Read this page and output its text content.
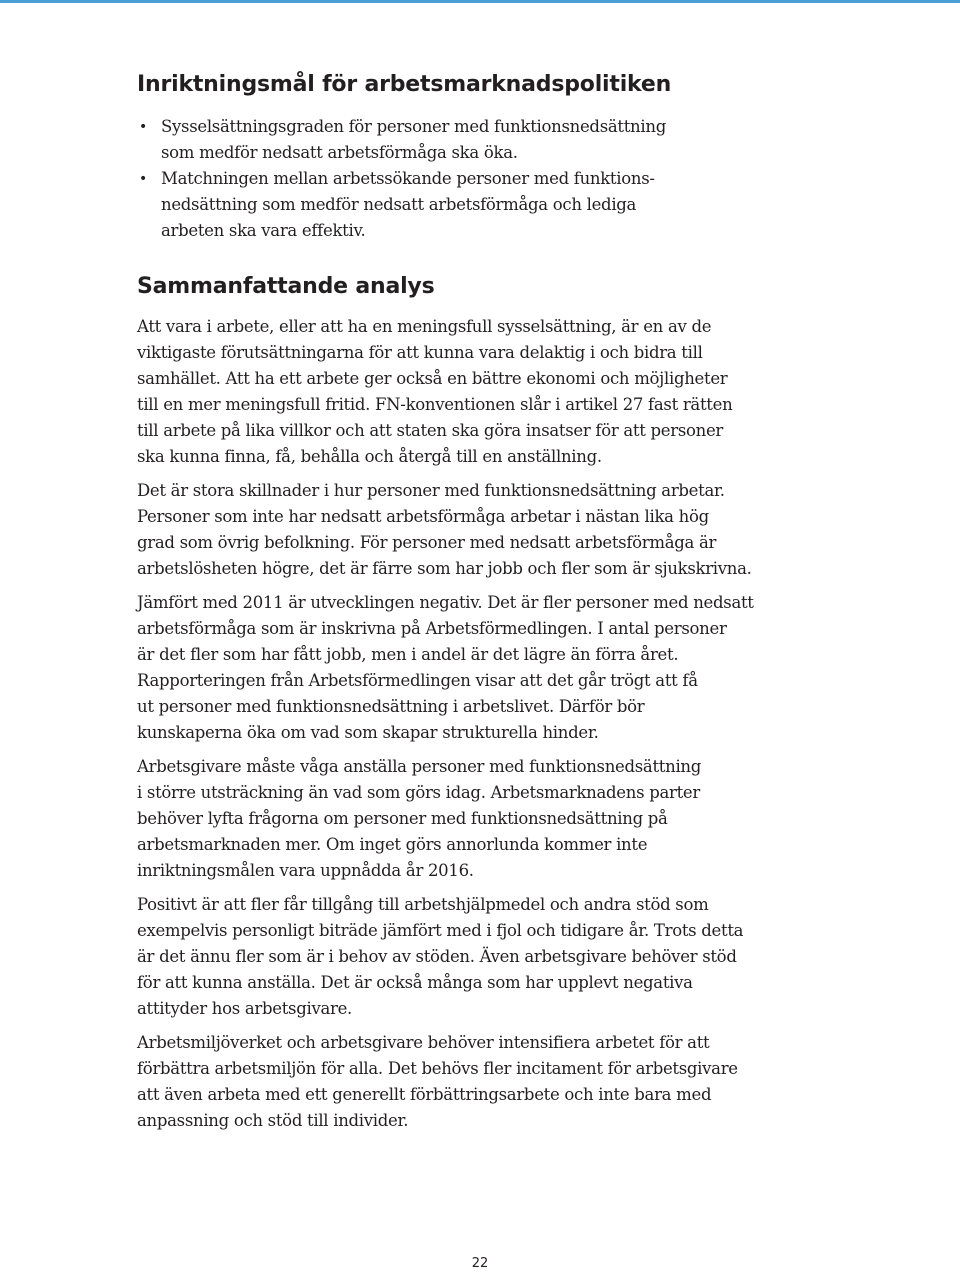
Inriktningsmål för arbetsmarknadspolitiken
• Sysselsättningsgraden för personer med funktionsnedsättning
som medför nedsatt arbetsförmåga ska öka.
• Matchningen mellan arbetssökande personer med funktions-
nedsättning som medför nedsatt arbetsförmåga och lediga
arbeten ska vara effektiv.
Sammanfattande analys

Att vara i arbete, eller att ha en meningsfull sysselsättning, är en av de
viktigaste förutsättningarna för att kunna vara delaktig i och bidra till
samhället. Att ha ett arbete ger också en bättre ekonomi och möjligheter
till en mer meningsfull fritid. FN-konventionen slår i artikel 27 fast rätten
till arbete på lika villkor och att staten ska göra insatser för att personer
ska kunna finna, få, behålla och återgå till en anställning.

Det är stora skillnader i hur personer med funktionsnedsättning arbetar.
Personer som inte har nedsatt arbetsförmåga arbetar i nästan lika hög
grad som övrig befolkning. För personer med nedsatt arbetsförmåga är
arbetslösheten högre, det är färre som har jobb och fler som är sjukskrivna.

Jämfört med 2011 är utvecklingen negativ. Det är fler personer med nedsatt
arbetsförmåga som är inskrivna på Arbetsförmedlingen. I antal personer
är det fler som har fått jobb, men i andel är det lägre än förra året.
Rapporteringen från Arbetsförmedlingen visar att det går trögt att få
ut personer med funktionsnedsättning i arbetslivet. Därför bör
kunskaperna öka om vad som skapar strukturella hinder.

Arbetsgivare måste våga anställa personer med funktionsnedsättning
i större utsträckning än vad som görs idag. Arbetsmarknadens parter
behöver lyfta frågorna om personer med funktionsnedsättning på
arbetsmarknaden mer. Om inget görs annorlunda kommer inte
inriktningsmålen vara uppnådda år 2016.

Positivt är att fler får tillgång till arbetshjälpmedel och andra stöd som
exempelvis personligt biträde jämfört med i fjol och tidigare år. Trots detta
är det ännu fler som är i behov av stöden. Även arbetsgivare behöver stöd
för att kunna anställa. Det är också många som har upplevt negativa
attityder hos arbetsgivare.

Arbetsmiljöverket och arbetsgivare behöver intensifiera arbetet för att
förbättra arbetsmiljön för alla. Det behövs fler incitament för arbetsgivare
att även arbeta med ett generellt förbättringsarbete och inte bara med
anpassning och stöd till individer.

22
